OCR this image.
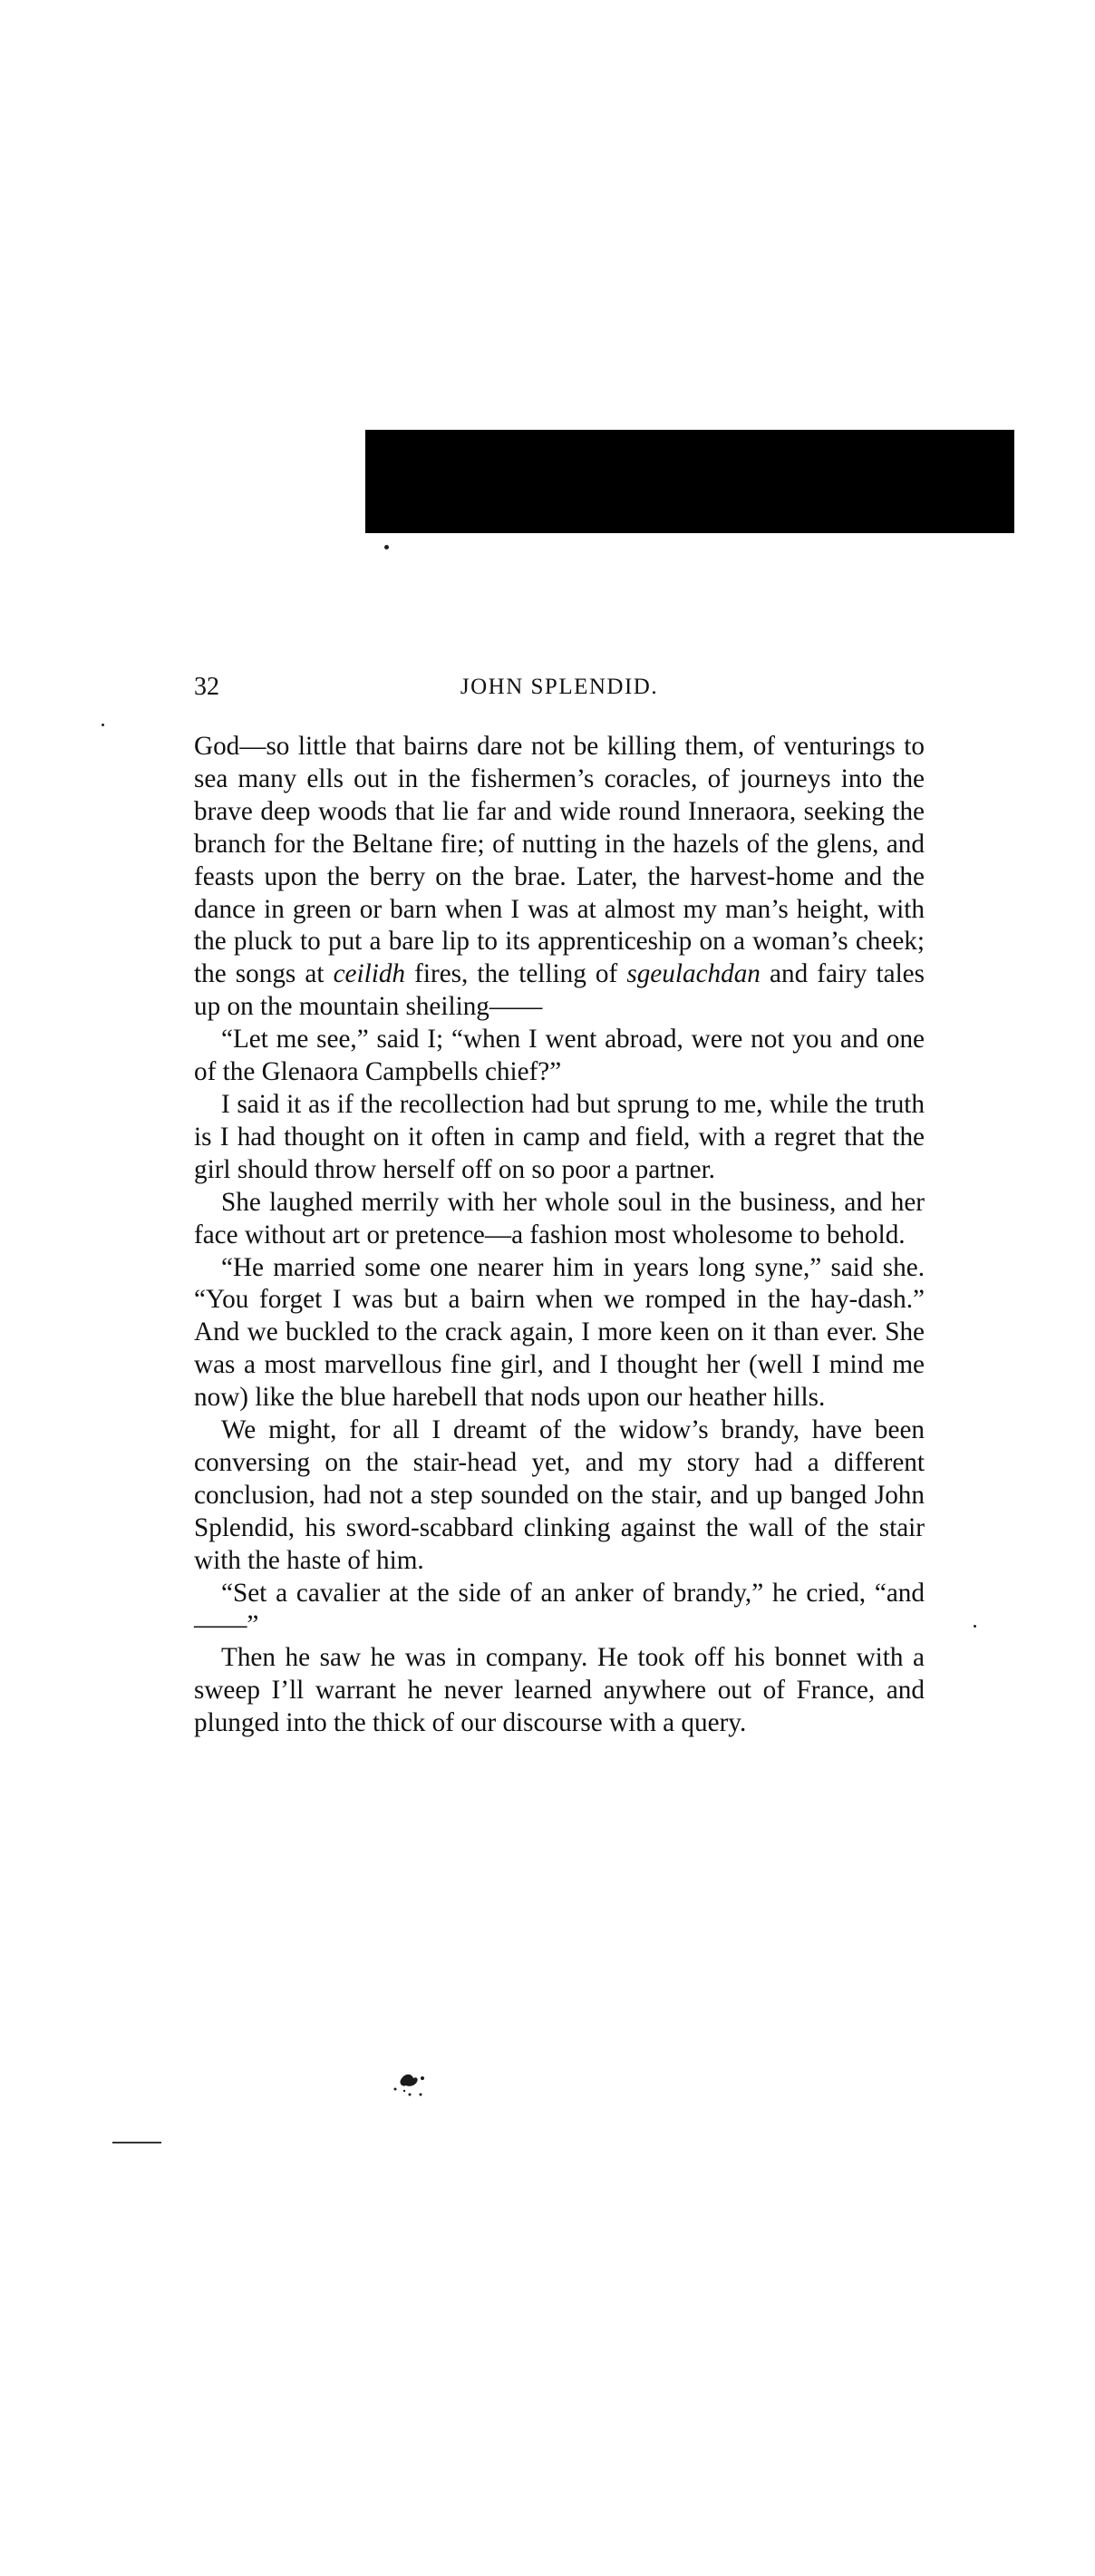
32	JOHN SPLENDID.

God—so little that bairns dare not be killing them, of venturings to sea many ells out in the fishermen’s coracles, of journeys into the brave deep woods that lie far and wide round Inneraora, seeking the branch for the Beltane fire; of nutting in the hazels of the glens, and feasts upon the berry on the brae. Later, the harvest-home and the dance in green or barn when I was at almost my man’s height, with the pluck to put a bare lip to its apprenticeship on a woman’s cheek; the songs at ceilidh fires, the telling of sgeulachdan and fairy tales up on the mountain sheiling——

“Let me see,” said I; “when I went abroad, were not you and one of the Glenaora Campbells chief?”

I said it as if the recollection had but sprung to me, while the truth is I had thought on it often in camp and field, with a regret that the girl should throw herself off on so poor a partner.

She laughed merrily with her whole soul in the business, and her face without art or pretence—a fashion most wholesome to behold.

“He married some one nearer him in years long syne,” said she. “You forget I was but a bairn when we romped in the hay-dash.” And we buckled to the crack again, I more keen on it than ever. She was a most marvellous fine girl, and I thought her (well I mind me now) like the blue harebell that nods upon our heather hills.

We might, for all I dreamt of the widow’s brandy, have been conversing on the stair-head yet, and my story had a different conclusion, had not a step sounded on the stair, and up banged John Splendid, his sword-scabbard clinking against the wall of the stair with the haste of him.

“Set a cavalier at the side of an anker of brandy,” he cried, “and——”

Then he saw he was in company. He took off his bonnet with a sweep I’ll warrant he never learned anywhere out of France, and plunged into the thick of our discourse with a query.
